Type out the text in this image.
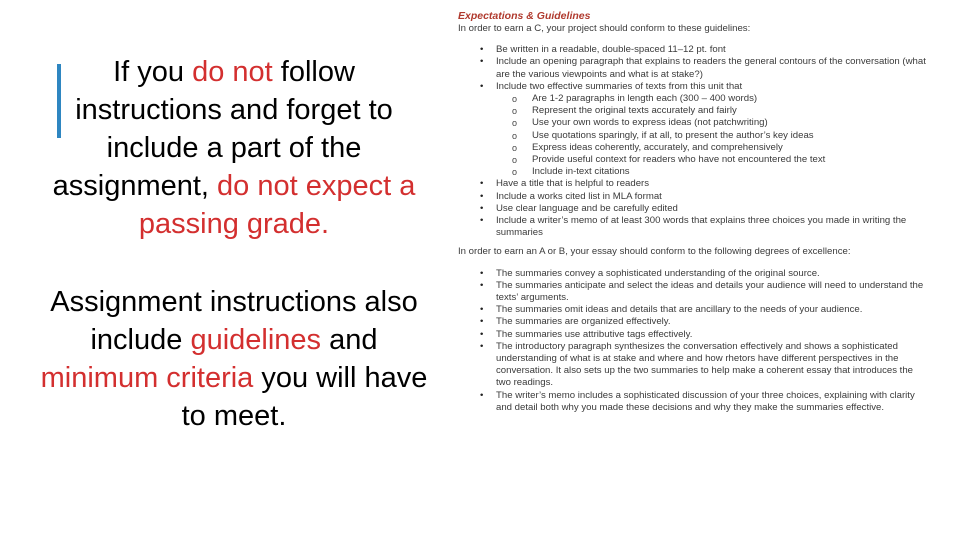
If you do not follow instructions and forget to include a part of the assignment, do not expect a passing grade.

Assignment instructions also include guidelines and minimum criteria you will have to meet.

Expectations & Guidelines
In order to earn a C, your project should conform to these guidelines:
• Be written in a readable, double-spaced 11–12 pt. font
• Include an opening paragraph that explains to readers the general contours of the conversation (what are the various viewpoints and what is at stake?)
• Include two effective summaries of texts from this unit that
o Are 1-2 paragraphs in length each (300 – 400 words)
o Represent the original texts accurately and fairly
o Use your own words to express ideas (not patchwriting)
o Use quotations sparingly, if at all, to present the author’s key ideas
o Express ideas coherently, accurately, and comprehensively
o Provide useful context for readers who have not encountered the text
o Include in-text citations
• Have a title that is helpful to readers
• Include a works cited list in MLA format
• Use clear language and be carefully edited
• Include a writer’s memo of at least 300 words that explains three choices you made in writing the summaries
In order to earn an A or B, your essay should conform to the following degrees of excellence:
• The summaries convey a sophisticated understanding of the original source.
• The summaries anticipate and select the ideas and details your audience will need to understand the texts’ arguments.
• The summaries omit ideas and details that are ancillary to the needs of your audience.
• The summaries are organized effectively.
• The summaries use attributive tags effectively.
• The introductory paragraph synthesizes the conversation effectively and shows a sophisticated understanding of what is at stake and where and how rhetors have different perspectives in the conversation. It also sets up the two summaries to help make a coherent essay that introduces the two readings.
• The writer’s memo includes a sophisticated discussion of your three choices, explaining with clarity and detail both why you made these decisions and why they make the summaries effective.
